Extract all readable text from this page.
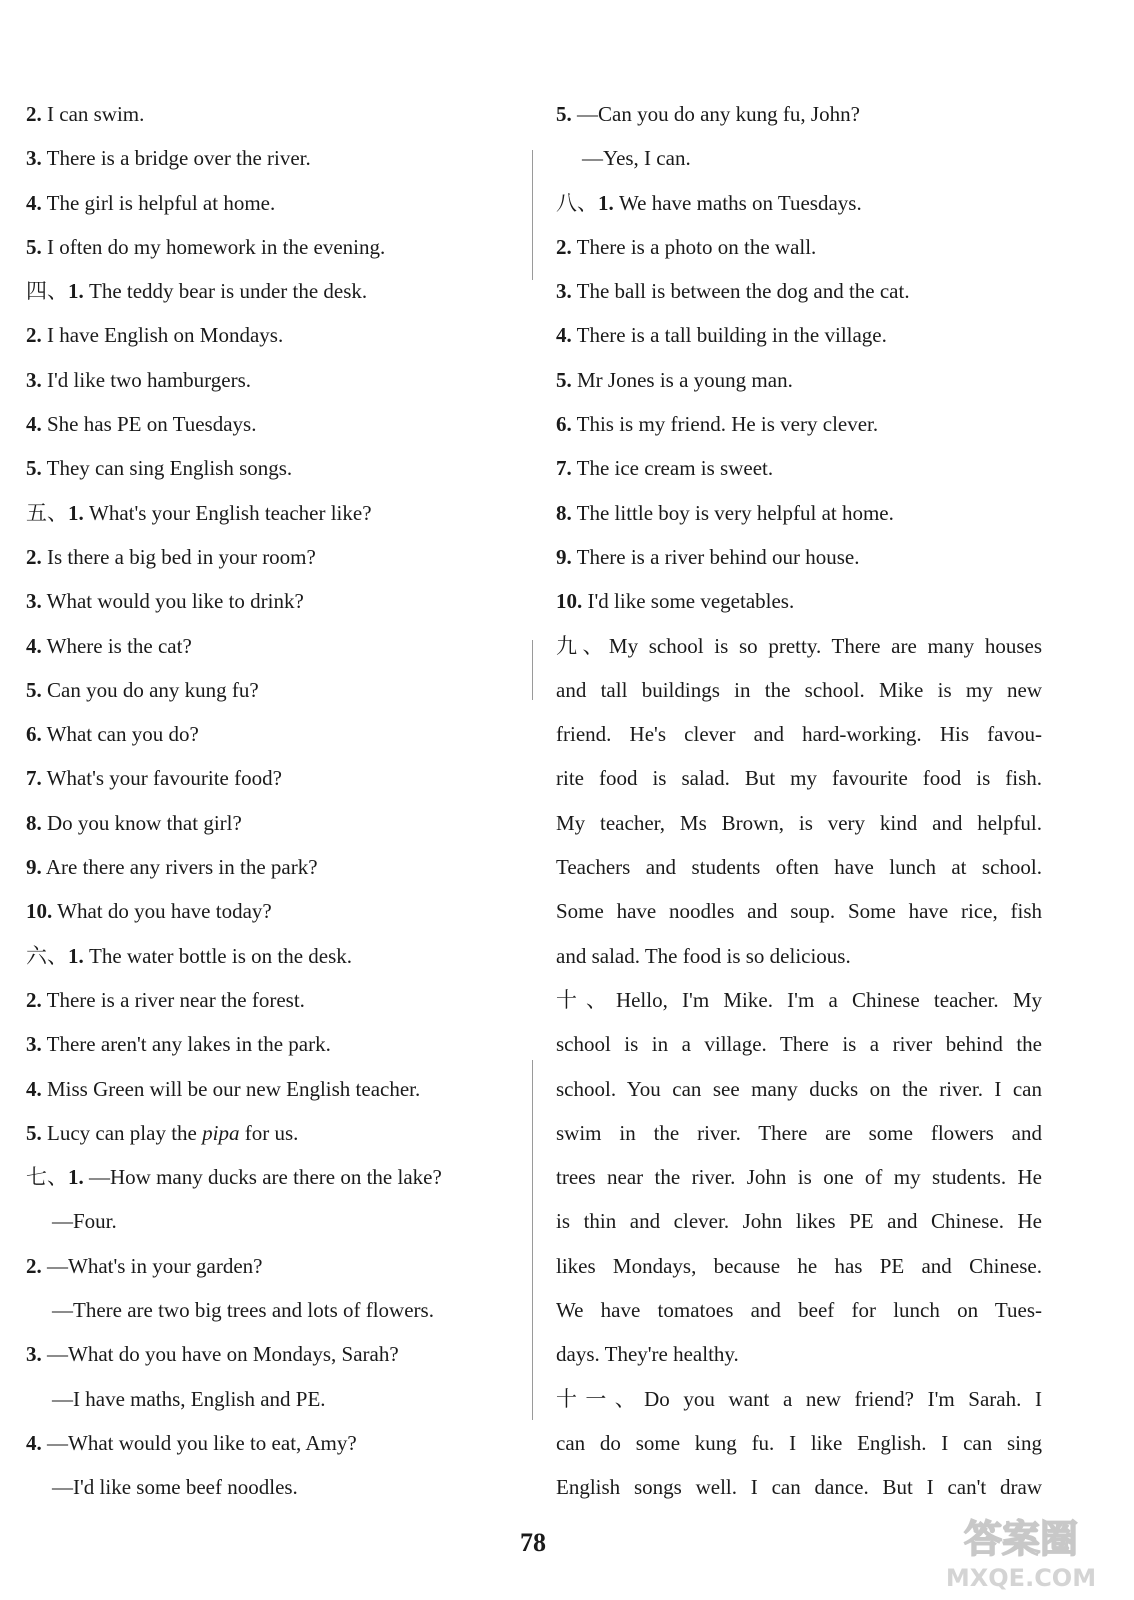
2. I can swim.
3. There is a bridge over the river.
4. The girl is helpful at home.
5. I often do my homework in the evening.
四、1. The teddy bear is under the desk.
2. I have English on Mondays.
3. I'd like two hamburgers.
4. She has PE on Tuesdays.
5. They can sing English songs.
五、1. What's your English teacher like?
2. Is there a big bed in your room?
3. What would you like to drink?
4. Where is the cat?
5. Can you do any kung fu?
6. What can you do?
7. What's your favourite food?
8. Do you know that girl?
9. Are there any rivers in the park?
10. What do you have today?
六、1. The water bottle is on the desk.
2. There is a river near the forest.
3. There aren't any lakes in the park.
4. Miss Green will be our new English teacher.
5. Lucy can play the pipa for us.
七、1. —How many ducks are there on the lake?
—Four.
2. —What's in your garden?
—There are two big trees and lots of flowers.
3. —What do you have on Mondays, Sarah?
—I have maths, English and PE.
4. —What would you like to eat, Amy?
—I'd like some beef noodles.
5. —Can you do any kung fu, John?
—Yes, I can.
八、1. We have maths on Tuesdays.
2. There is a photo on the wall.
3. The ball is between the dog and the cat.
4. There is a tall building in the village.
5. Mr Jones is a young man.
6. This is my friend. He is very clever.
7. The ice cream is sweet.
8. The little boy is very helpful at home.
9. There is a river behind our house.
10. I'd like some vegetables.
九、My school is so pretty. There are many houses
and tall buildings in the school. Mike is my new
friend. He's clever and hard-working. His favou-
rite food is salad. But my favourite food is fish.
My teacher, Ms Brown, is very kind and helpful.
Teachers and students often have lunch at school.
Some have noodles and soup. Some have rice, fish
and salad. The food is so delicious.
十、Hello, I'm Mike. I'm a Chinese teacher. My
school is in a village. There is a river behind the
school. You can see many ducks on the river. I can
swim in the river. There are some flowers and
trees near the river. John is one of my students. He
is thin and clever. John likes PE and Chinese. He
likes Mondays, because he has PE and Chinese.
We have tomatoes and beef for lunch on Tues-
days. They're healthy.
十一、Do you want a new friend? I'm Sarah. I
can do some kung fu. I like English. I can sing
English songs well. I can dance. But I can't draw
78	答案圈
MXQE.COM
